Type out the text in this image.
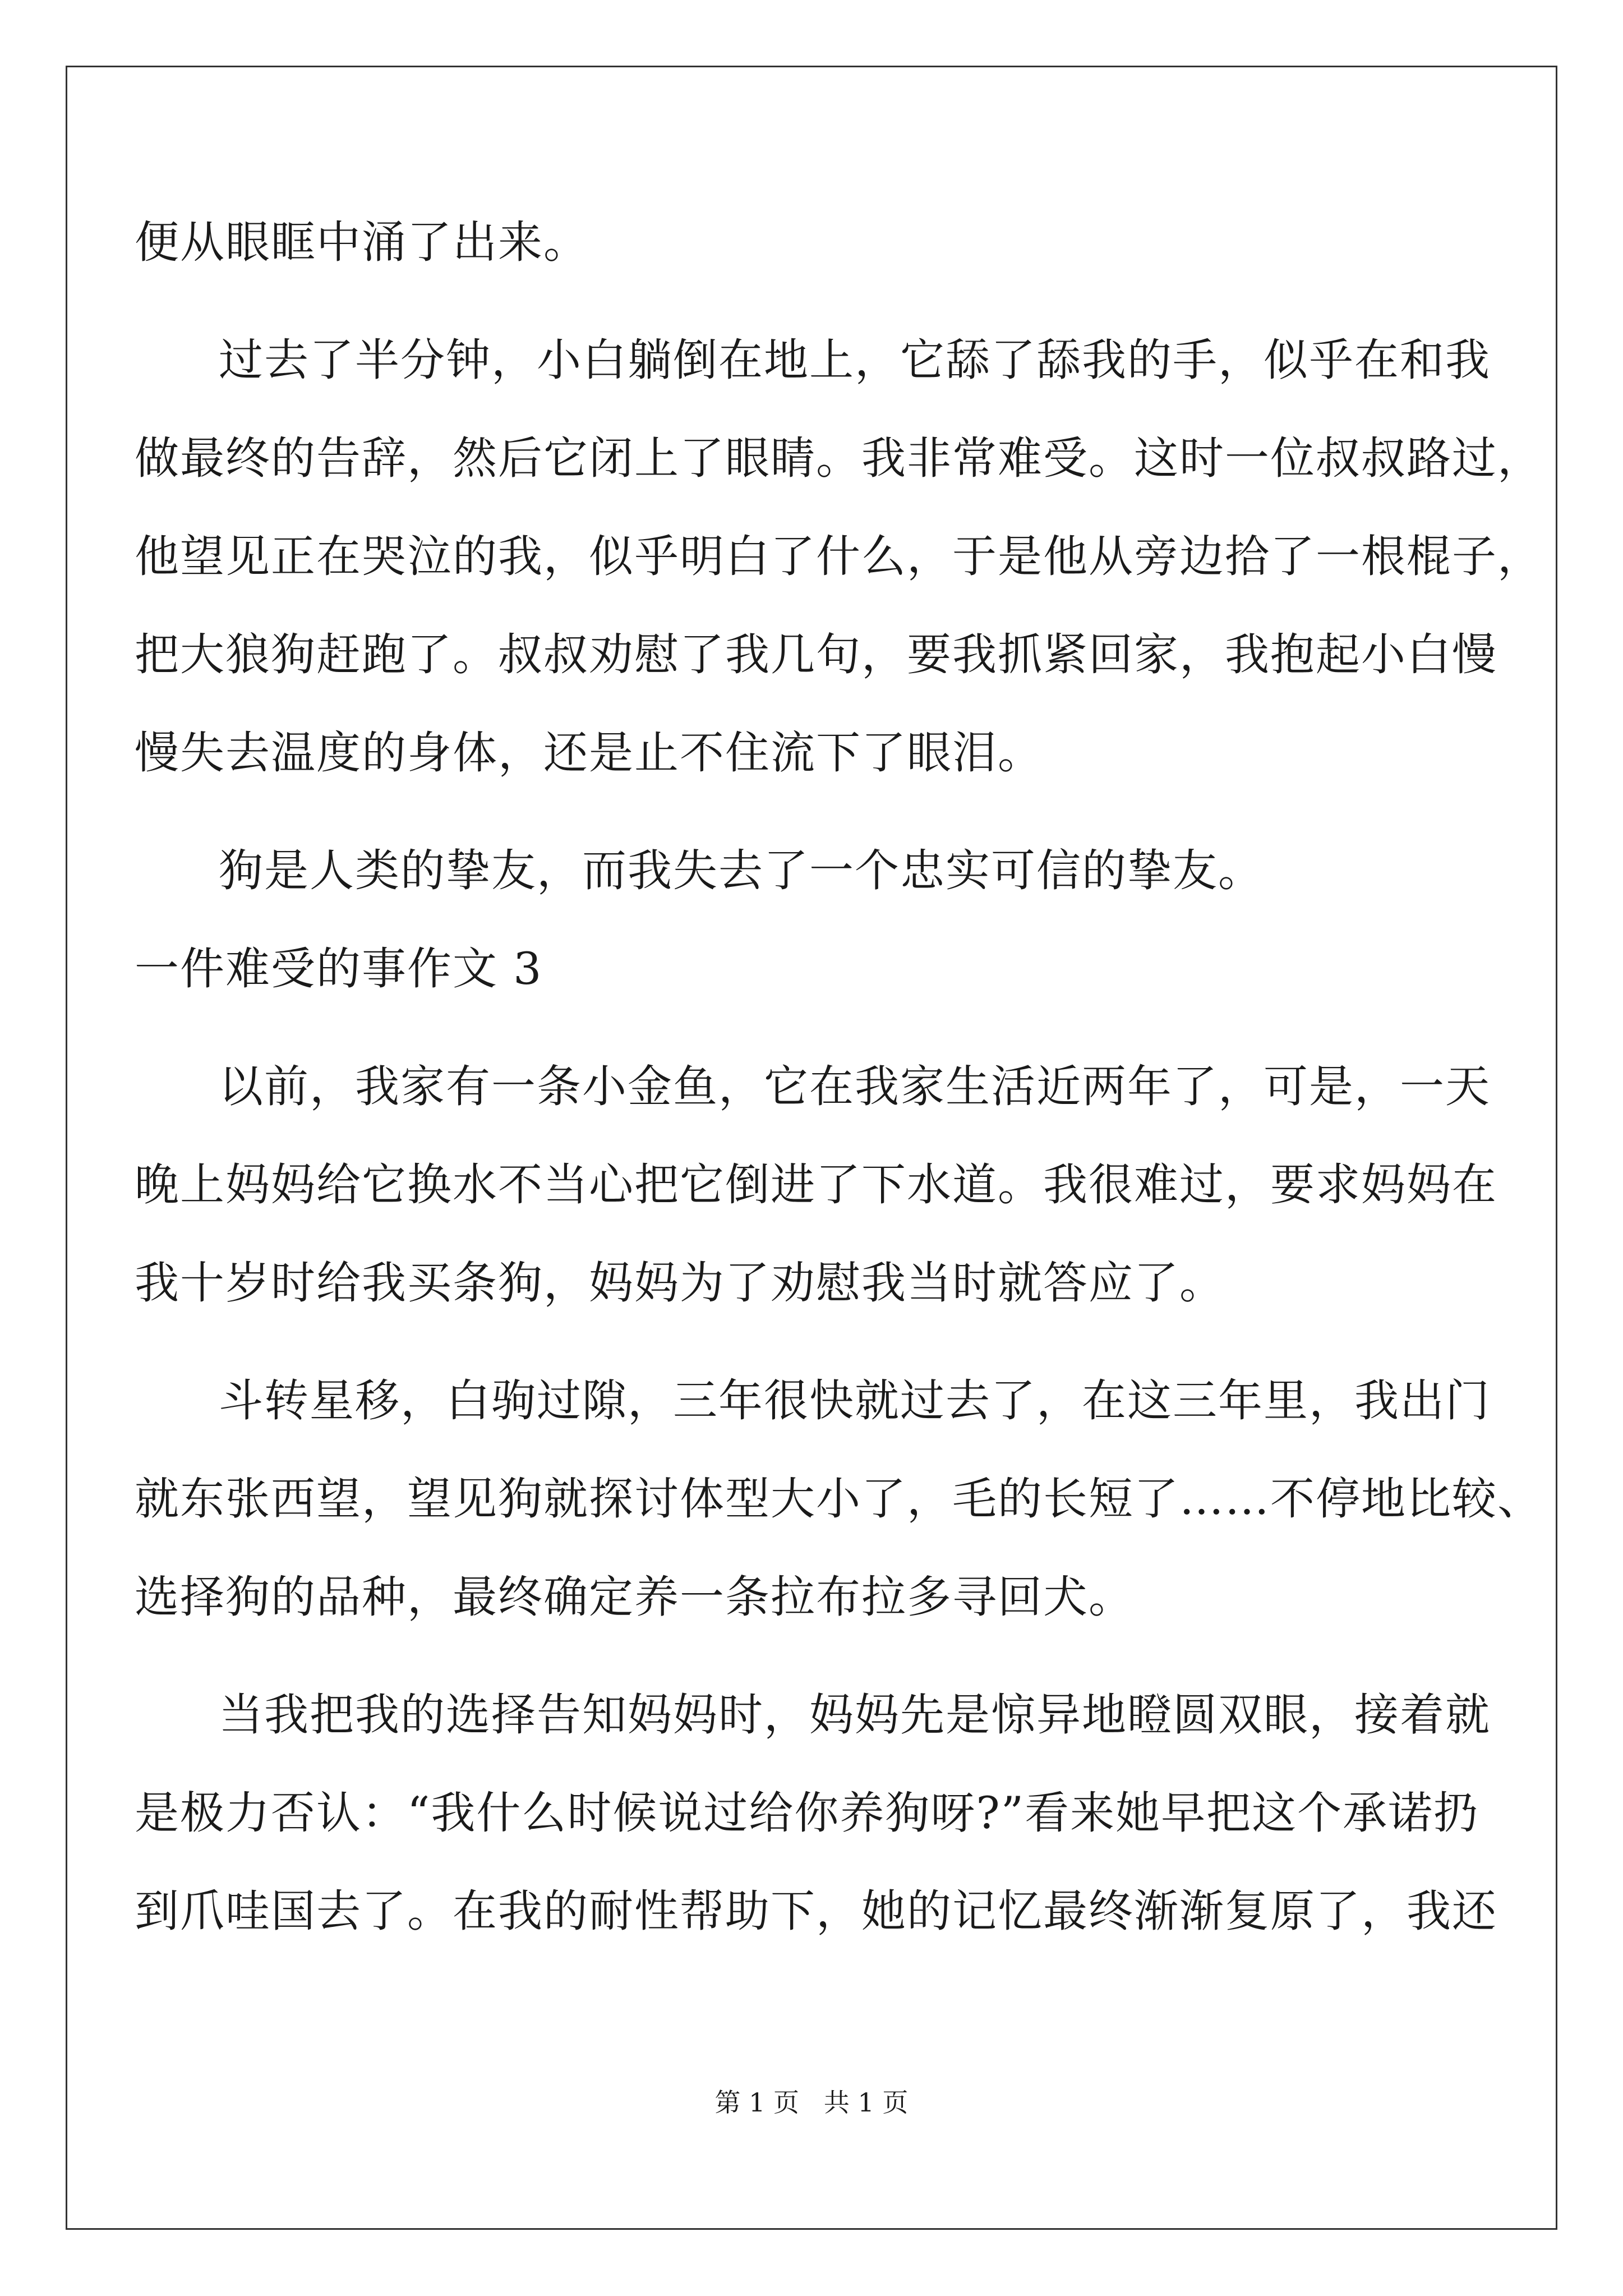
便从眼眶中涌了出来。
过去了半分钟，小白躺倒在地上，它舔了舔我的手，似乎在和我
做最终的告辞，然后它闭上了眼睛。我非常难受。这时一位叔叔路过，
他望见正在哭泣的我，似乎明白了什么，于是他从旁边拾了一根棍子，
把大狼狗赶跑了。叔叔劝慰了我几句，要我抓紧回家，我抱起小白慢
慢失去温度的身体，还是止不住流下了眼泪。
狗是人类的挚友，而我失去了一个忠实可信的挚友。
一件难受的事作文 3
以前，我家有一条小金鱼，它在我家生活近两年了，可是，一天
晚上妈妈给它换水不当心把它倒进了下水道。我很难过，要求妈妈在
我十岁时给我买条狗，妈妈为了劝慰我当时就答应了。
斗转星移，白驹过隙，三年很快就过去了，在这三年里，我出门
就东张西望，望见狗就探讨体型大小了，毛的长短了……不停地比较、
选择狗的品种，最终确定养一条拉布拉多寻回犬。
当我把我的选择告知妈妈时，妈妈先是惊异地瞪圆双眼，接着就
是极力否认：“我什么时候说过给你养狗呀?”看来她早把这个承诺扔
到爪哇国去了。在我的耐性帮助下，她的记忆最终渐渐复原了，我还
第 1 页   共 1 页
